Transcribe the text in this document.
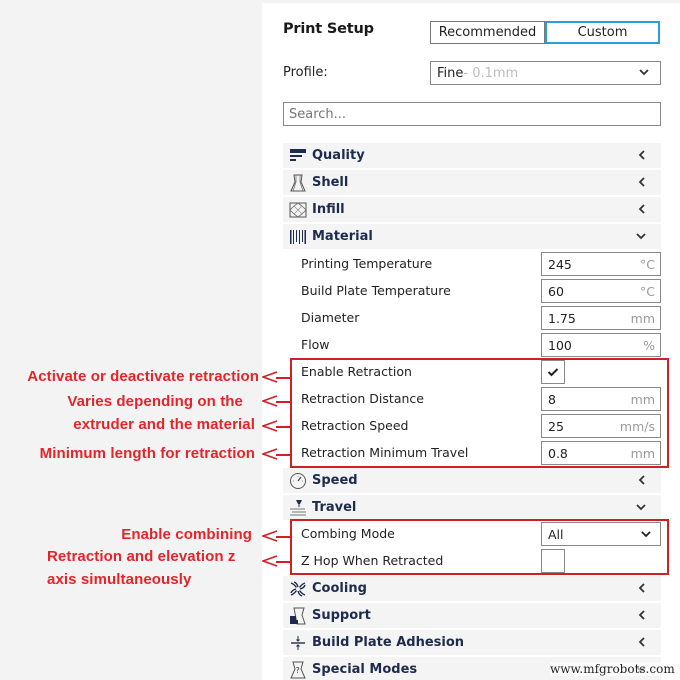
Print Setup	Recommended	Custom
Profile:	Fine - 0.1mm
Search...
Quality
Shell
Infill
Material
Printing Temperature	245	°C
Build Plate Temperature	60	°C
Diameter	1.75	mm
Flow	100	%
Enable Retraction
Retraction Distance	8	mm
Retraction Speed	25	mm/s
Retraction Minimum Travel	0.8	mm
Speed
Travel
Combing Mode	All
Z Hop When Retracted
Cooling
Support
Build Plate Adhesion
? Special Modes
Activate or deactivate retraction
Varies depending on the
extruder and the material
Minimum length for retraction
Enable combining
Retraction and elevation z
axis simultaneously
www.mfgrobots.com
